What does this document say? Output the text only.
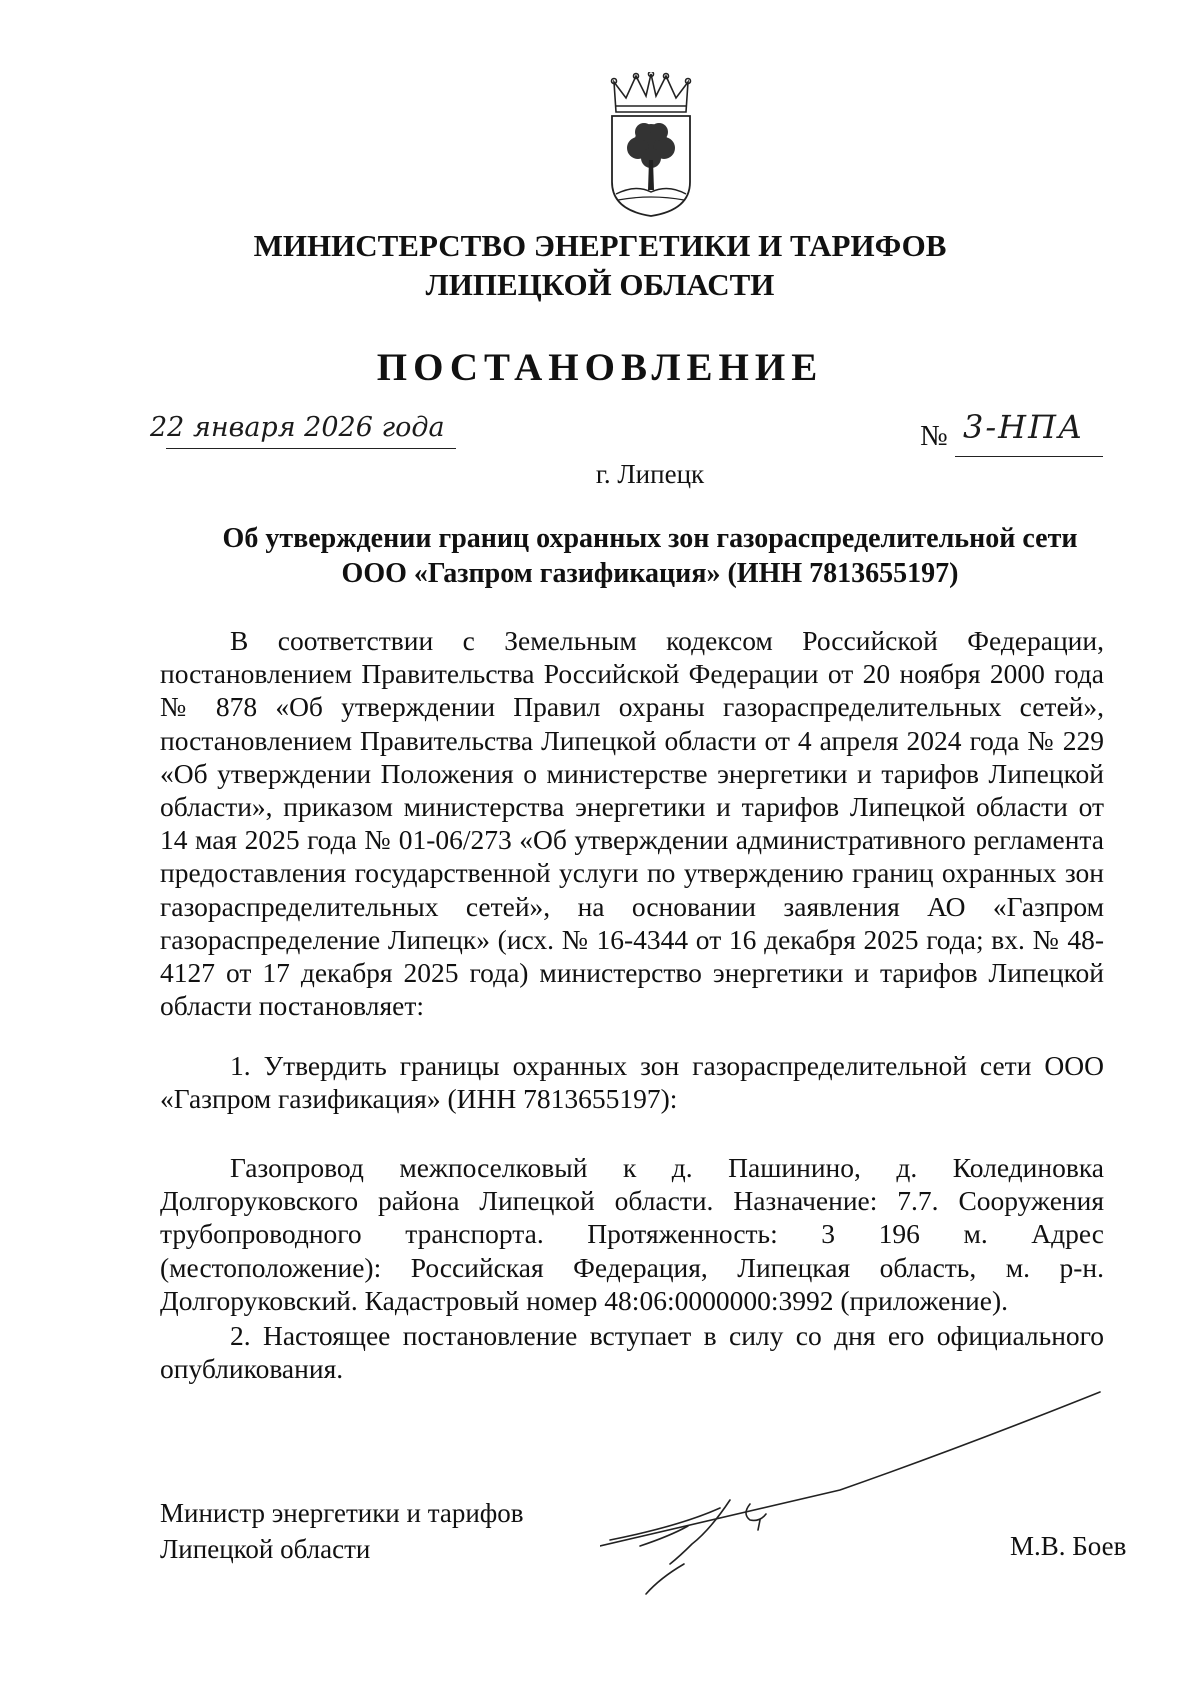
МИНИСТЕРСТВО ЭНЕРГЕТИКИ И ТАРИФОВ
ЛИПЕЦКОЙ ОБЛАСТИ
ПОСТАНОВЛЕНИЕ
22 января 2026 года	№ 3-НПА
г. Липецк
Об утверждении границ охранных зон газораспределительной сети
ООО «Газпром газификация» (ИНН 7813655197)
В соответствии с Земельным кодексом Российской Федерации, постановлением Правительства Российской Федерации от 20 ноября 2000 года № 878 «Об утверждении Правил охраны газораспределительных сетей», постановлением Правительства Липецкой области от 4 апреля 2024 года № 229 «Об утверждении Положения о министерстве энергетики и тарифов Липецкой области», приказом министерства энергетики и тарифов Липецкой области от 14 мая 2025 года № 01-06/273 «Об утверждении административного регламента предоставления государственной услуги по утверждению границ охранных зон газораспределительных сетей», на основании заявления АО «Газпром газораспределение Липецк» (исх. № 16-4344 от 16 декабря 2025 года; вх. № 48-4127 от 17 декабря 2025 года) министерство энергетики и тарифов Липецкой области постановляет:
1. Утвердить границы охранных зон газораспределительной сети ООО «Газпром газификация» (ИНН 7813655197):
Газопровод межпоселковый к д. Пашинино, д. Колединовка Долгоруковского района Липецкой области. Назначение: 7.7. Сооружения трубопроводного транспорта. Протяженность: 3 196 м. Адрес (местоположение): Российская Федерация, Липецкая область, м. р-н. Долгоруковский. Кадастровый номер 48:06:0000000:3992 (приложение).
2. Настоящее постановление вступает в силу со дня его официального опубликования.
Министр энергетики и тарифов
Липецкой области	М.В. Боев
